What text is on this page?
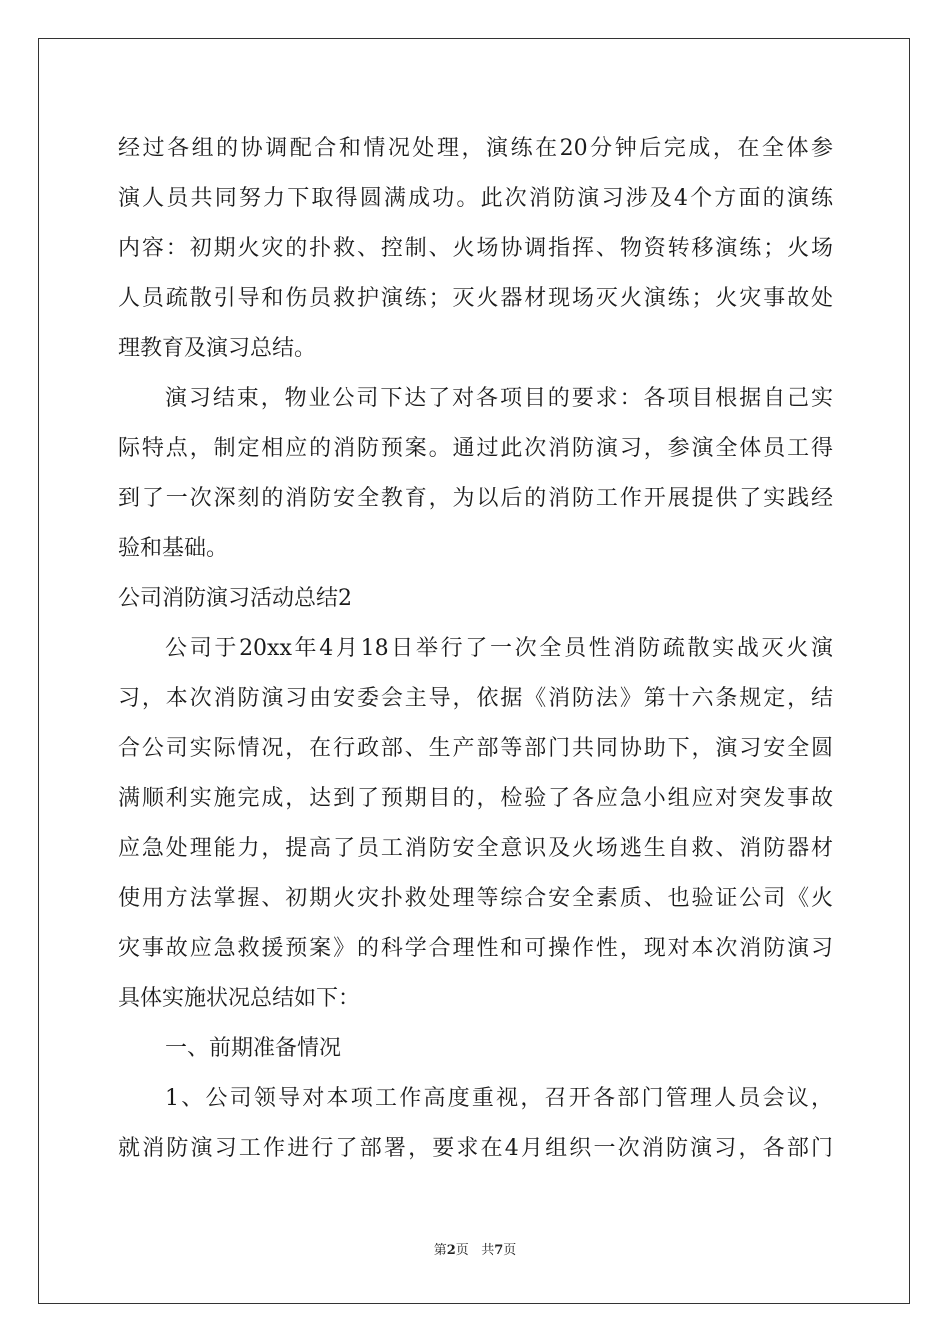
经过各组的协调配合和情况处理，演练在20分钟后完成，在全体参
演人员共同努力下取得圆满成功。此次消防演习涉及4个方面的演练
内容：初期火灾的扑救、控制、火场协调指挥、物资转移演练；火场
人员疏散引导和伤员救护演练；灭火器材现场灭火演练；火灾事故处
理教育及演习总结。
演习结束，物业公司下达了对各项目的要求：各项目根据自己实
际特点，制定相应的消防预案。通过此次消防演习，参演全体员工得
到了一次深刻的消防安全教育，为以后的消防工作开展提供了实践经
验和基础。
公司消防演习活动总结2
公司于20xx年4月18日举行了一次全员性消防疏散实战灭火演
习，本次消防演习由安委会主导，依据《消防法》第十六条规定，结
合公司实际情况，在行政部、生产部等部门共同协助下，演习安全圆
满顺利实施完成，达到了预期目的，检验了各应急小组应对突发事故
应急处理能力，提高了员工消防安全意识及火场逃生自救、消防器材
使用方法掌握、初期火灾扑救处理等综合安全素质、也验证公司《火
灾事故应急救援预案》的科学合理性和可操作性，现对本次消防演习
具体实施状况总结如下：
一、前期准备情况
1、公司领导对本项工作高度重视，召开各部门管理人员会议，
就消防演习工作进行了部署，要求在4月组织一次消防演习，各部门
第2页 共7页
